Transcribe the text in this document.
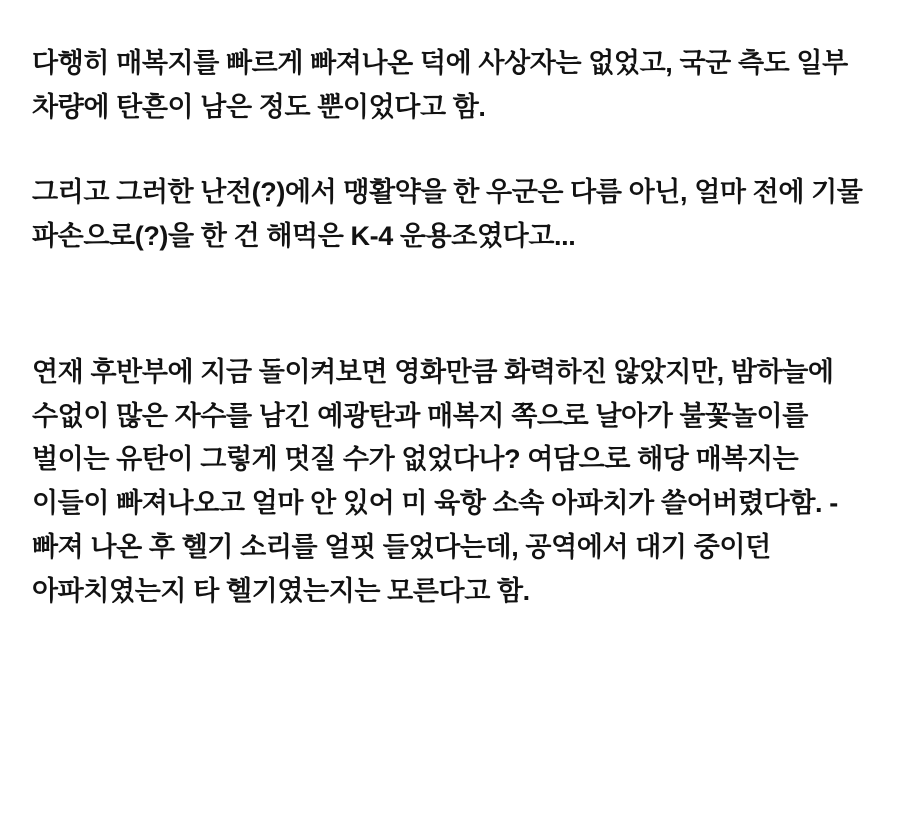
다행히 매복지를 빠르게 빠져나온 덕에 사상자는 없었고, 국군 측도 일부 차량에 탄흔이 남은 정도 뿐이었다고 함.

그리고 그러한 난전(?)에서 맹활약을 한 우군은 다름 아닌, 얼마 전에 기물 파손으로(?)을 한 건 해먹은 K-4 운용조였다고...

연재 후반부에 지금 돌이켜보면 영화만큼 화력하진 않았지만, 밤하늘에 수없이 많은 자수를 남긴 예광탄과 매복지 쪽으로 날아가 불꽃놀이를 벌이는 유탄이 그렇게 멋질 수가 없었다나? 여담으로 해당 매복지는 이들이 빠져나오고 얼마 안 있어 미 육항 소속 아파치가 쓸어버렸다함. - 빠져 나온 후 헬기 소리를 얼핏 들었다는데, 공역에서 대기 중이던 아파치였는지 타 헬기였는지는 모른다고 함.
